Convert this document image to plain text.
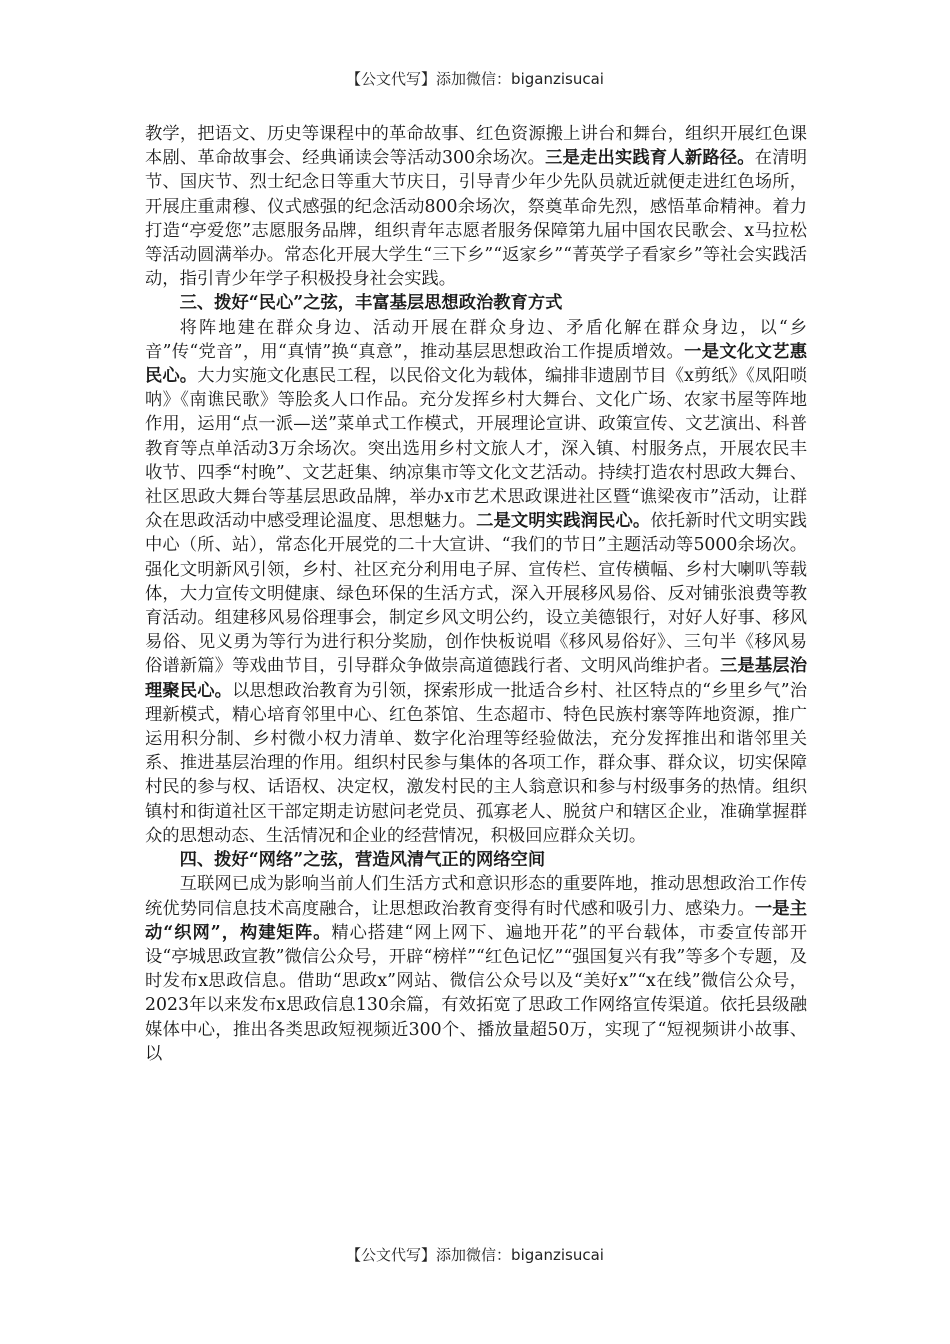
【公文代写】添加微信：biganzisucai

教学，把语文、历史等课程中的革命故事、红色资源搬上讲台和舞台，组织开展红色课本剧、革命故事会、经典诵读会等活动300余场次。三是走出实践育人新路径。在清明节、国庆节、烈士纪念日等重大节庆日，引导青少年少先队员就近就便走进红色场所，开展庄重肃穆、仪式感强的纪念活动800余场次，祭奠革命先烈，感悟革命精神。着力打造“亭爱您”志愿服务品牌，组织青年志愿者服务保障第九届中国农民歌会、x马拉松等活动圆满举办。常态化开展大学生“三下乡”“返家乡”“菁英学子看家乡”等社会实践活动，指引青少年学子积极投身社会实践。

三、拨好“民心”之弦，丰富基层思想政治教育方式

将阵地建在群众身边、活动开展在群众身边、矛盾化解在群众身边，以“乡音”传“党音”，用“真情”换“真意”，推动基层思想政治工作提质增效。一是文化文艺惠民心。大力实施文化惠民工程，以民俗文化为载体，编排非遗剧节目《x剪纸》《凤阳唢呐》《南谯民歌》等脍炙人口作品。充分发挥乡村大舞台、文化广场、农家书屋等阵地作用，运用“点一派—送”菜单式工作模式，开展理论宣讲、政策宣传、文艺演出、科普教育等点单活动3万余场次。突出选用乡村文旅人才，深入镇、村服务点，开展农民丰收节、四季“村晚”、文艺赶集、纳凉集市等文化文艺活动。持续打造农村思政大舞台、社区思政大舞台等基层思政品牌，举办x市艺术思政课进社区暨“谯梁夜市”活动，让群众在思政活动中感受理论温度、思想魅力。二是文明实践润民心。依托新时代文明实践中心（所、站），常态化开展党的二十大宣讲、“我们的节日”主题活动等5000余场次。强化文明新风引领，乡村、社区充分利用电子屏、宣传栏、宣传横幅、乡村大喇叭等载体，大力宣传文明健康、绿色环保的生活方式，深入开展移风易俗、反对铺张浪费等教育活动。组建移风易俗理事会，制定乡风文明公约，设立美德银行，对好人好事、移风易俗、见义勇为等行为进行积分奖励，创作快板说唱《移风易俗好》、三句半《移风易俗谱新篇》等戏曲节目，引导群众争做崇高道德践行者、文明风尚维护者。三是基层治理聚民心。以思想政治教育为引领，探索形成一批适合乡村、社区特点的“乡里乡气”治理新模式，精心培育邻里中心、红色茶馆、生态超市、特色民族村寨等阵地资源，推广运用积分制、乡村微小权力清单、数字化治理等经验做法，充分发挥推出和谐邻里关系、推进基层治理的作用。组织村民参与集体的各项工作，群众事、群众议，切实保障村民的参与权、话语权、决定权，激发村民的主人翁意识和参与村级事务的热情。组织镇村和街道社区干部定期走访慰问老党员、孤寡老人、脱贫户和辖区企业，准确掌握群众的思想动态、生活情况和企业的经营情况，积极回应群众关切。

四、拨好“网络”之弦，营造风清气正的网络空间

互联网已成为影响当前人们生活方式和意识形态的重要阵地，推动思想政治工作传统优势同信息技术高度融合，让思想政治教育变得有时代感和吸引力、感染力。一是主动“织网”，构建矩阵。精心搭建“网上网下、遍地开花”的平台载体，市委宣传部开设“亭城思政宣教”微信公众号，开辟“榜样”“红色记忆”“强国复兴有我”等多个专题，及时发布x思政信息。借助“思政x”网站、微信公众号以及“美好x”“x在线”微信公众号，2023年以来发布x思政信息130余篇，有效拓宽了思政工作网络宣传渠道。依托县级融媒体中心，推出各类思政短视频近300个、播放量超50万，实现了“短视频讲小故事、以

【公文代写】添加微信：biganzisucai
